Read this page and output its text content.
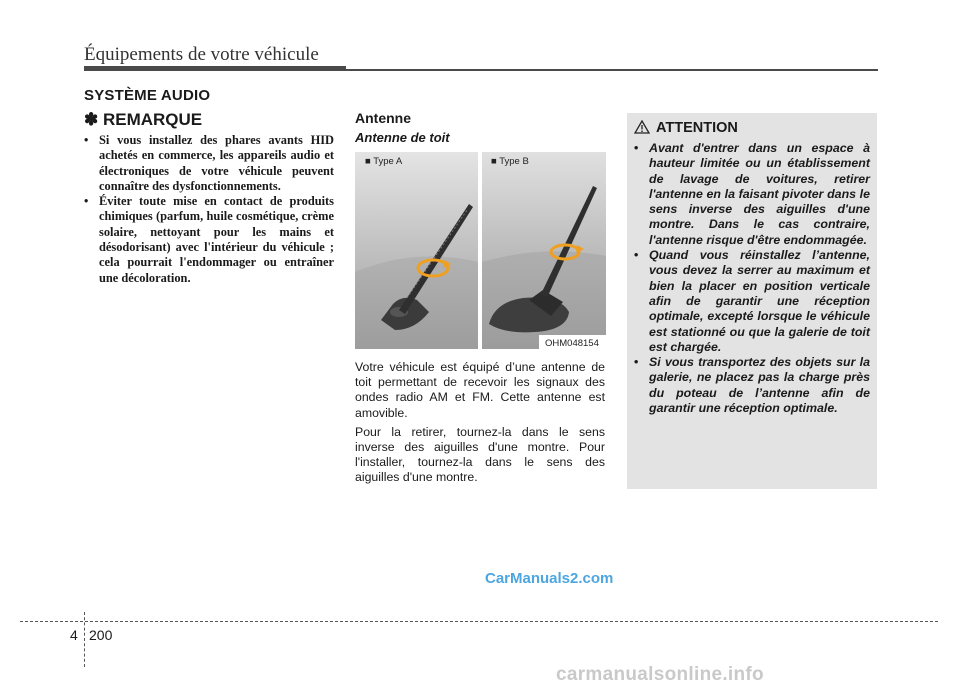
Équipements de votre véhicule
SYSTÈME AUDIO
✽ REMARQUE
• Si vous installez des phares avants HID achetés en commerce, les appareils audio et électroniques de votre véhicule peuvent connaître des dysfonctionnements.
• Éviter toute mise en contact de produits chimiques (parfum, huile cosmétique, crème solaire, nettoyant pour les mains et désodorisant) avec l'intérieur du véhicule ; cela pourrait l'endommager ou entraîner une décoloration.
Antenne
Antenne de toit
■ Type A	■ Type B
OHM048154

Votre véhicule est équipé d’une antenne de toit permettant de recevoir les signaux des ondes radio AM et FM. Cette antenne est amovible.

Pour la retirer, tournez-la dans le sens inverse des aiguilles d'une montre. Pour l'installer, tournez-la dans le sens des aiguilles d'une montre.

ATTENTION
• Avant d'entrer dans un espace à hauteur limitée ou un établissement de lavage de voitures, retirer l'antenne en la faisant pivoter dans le sens inverse des aiguilles d'une montre. Dans le cas contraire, l'antenne risque d'être endommagée.
• Quand vous réinstallez l’antenne, vous devez la serrer au maximum et bien la placer en position verticale afin de garantir une réception optimale, excepté lorsque le véhicule est stationné ou que la galerie de toit est chargée.
• Si vous transportez des objets sur la galerie, ne placez pas la charge près du poteau de l’antenne afin de garantir une réception optimale.
CarManuals2.com
4 200
carmanualsonline.info
